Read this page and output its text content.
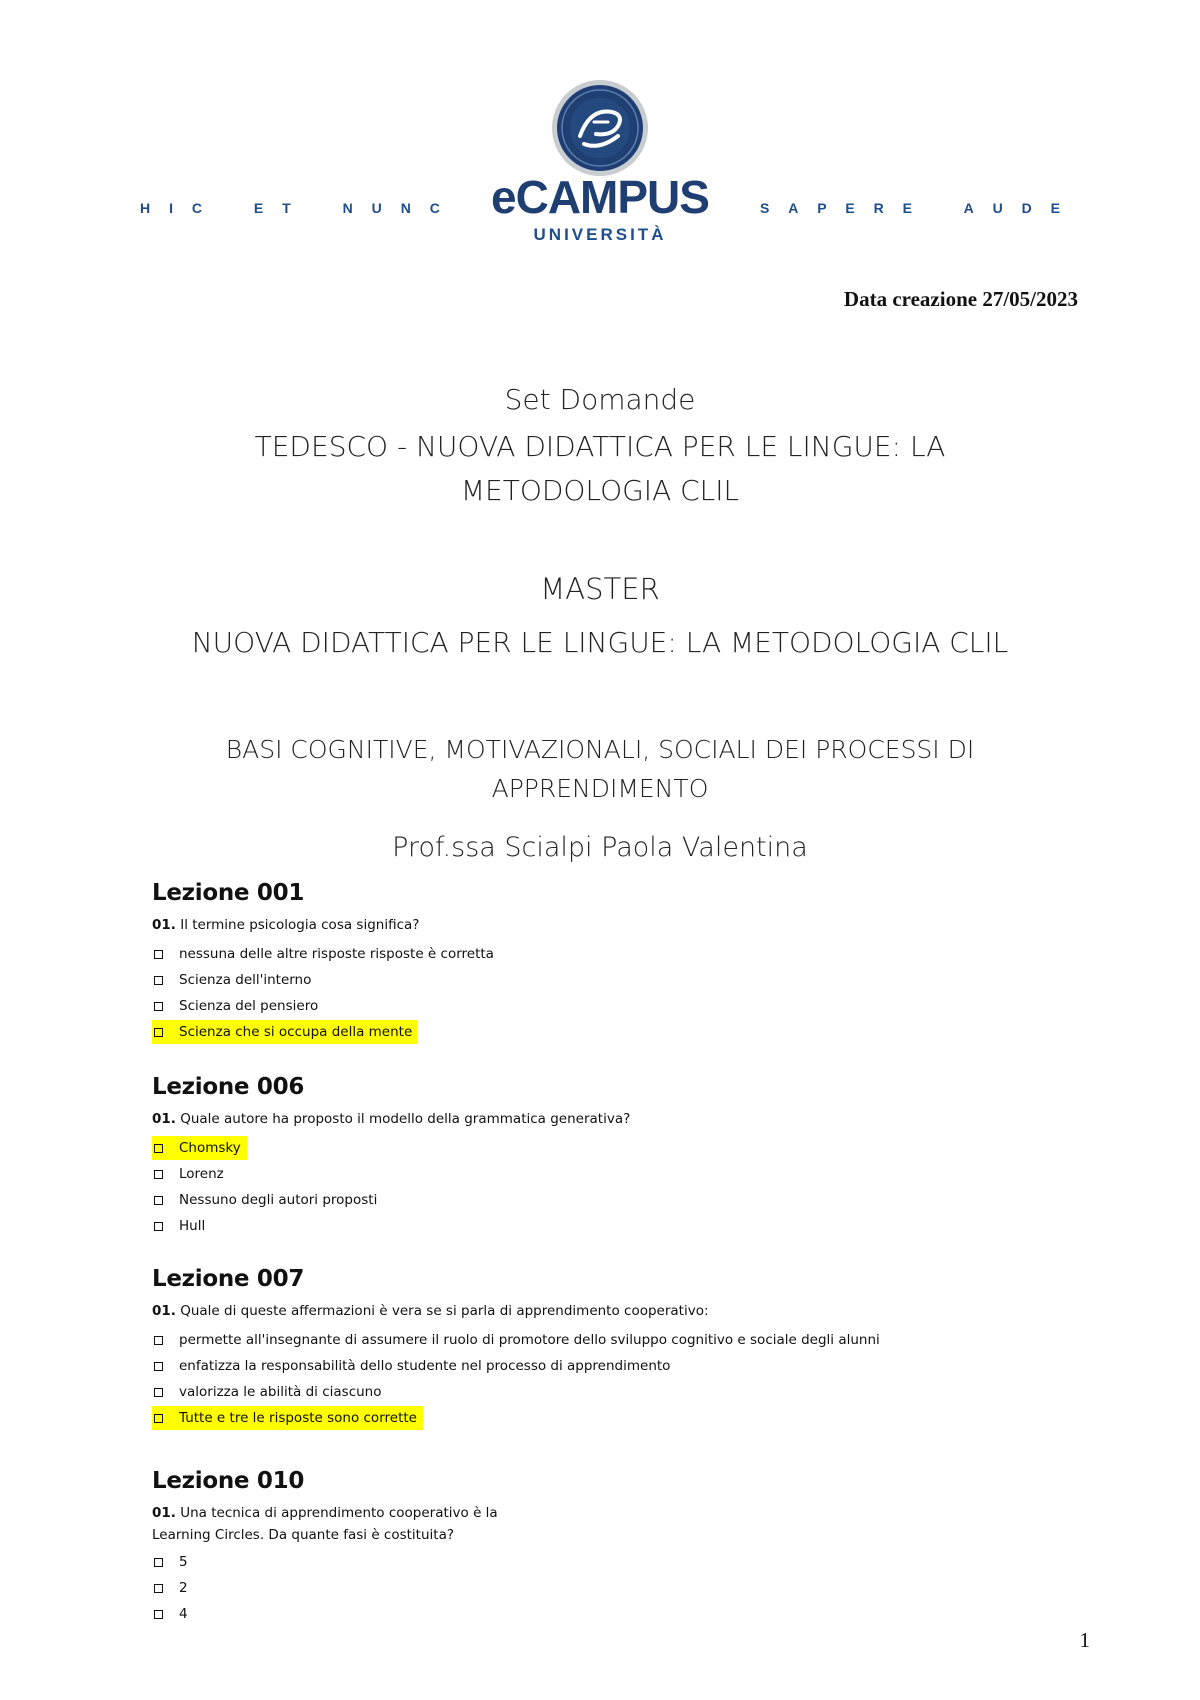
H I C	E T	N U N C eCAMPUS
UNIVERSITÀ
S A P E R E	A U D E
Data creazione 27/05/2023
Set Domande
TEDESCO - NUOVA DIDATTICA PER LE LINGUE: LA
METODOLOGIA CLIL
MASTER
NUOVA DIDATTICA PER LE LINGUE: LA METODOLOGIA CLIL
BASI COGNITIVE, MOTIVAZIONALI, SOCIALI DEI PROCESSI DI
APPRENDIMENTO
Prof.ssa Scialpi Paola Valentina
Lezione 001
01. Il termine psicologia cosa significa?
nessuna delle altre risposte risposte è corretta
Scienza dell'interno
Scienza del pensiero
Scienza che si occupa della mente
Lezione 006
01. Quale autore ha proposto il modello della grammatica generativa?
Chomsky
Lorenz
Nessuno degli autori proposti
Hull
Lezione 007
01. Quale di queste affermazioni è vera se si parla di apprendimento cooperativo:
permette all'insegnante di assumere il ruolo di promotore dello sviluppo cognitivo e sociale degli alunni
enfatizza la responsabilità dello studente nel processo di apprendimento
valorizza le abilità di ciascuno
Tutte e tre le risposte sono corrette
Lezione 010
01. Una tecnica di apprendimento cooperativo è la
Learning Circles. Da quante fasi è costituita?
5
2
4
1
